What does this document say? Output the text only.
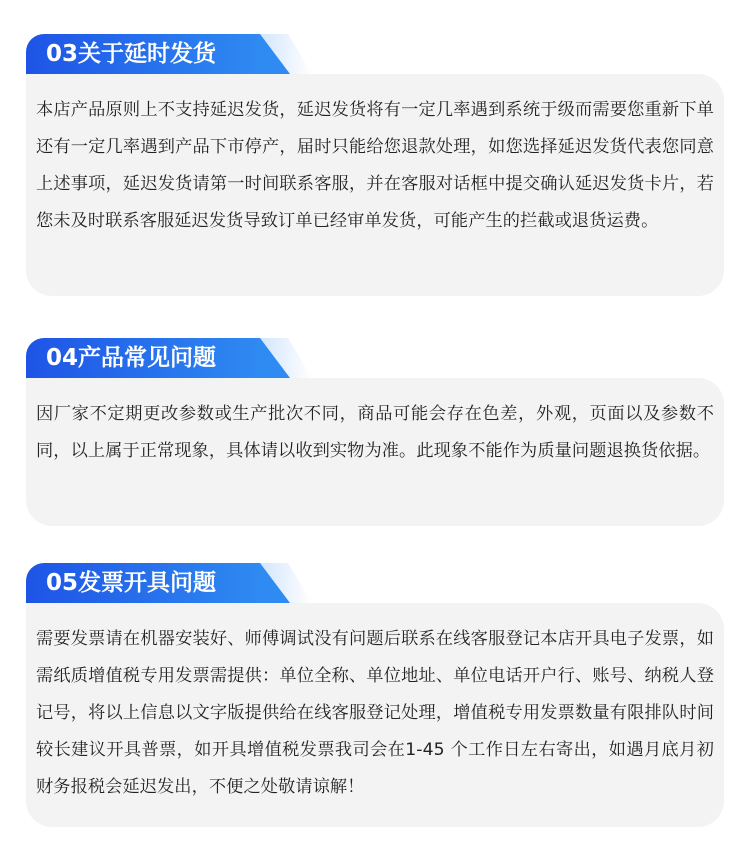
本店产品原则上不支持延迟发货，延迟发货将有一定几率遇到系统于级而需要您重新下单还有一定几率遇到产品下市停产，届时只能给您退款处理，如您选择延迟发货代表您同意上述事项，延迟发货请第一时间联系客服，并在客服对话框中提交确认延迟发货卡片，若您未及时联系客服延迟发货导致订单已经审单发货，可能产生的拦截或退货运费。

03关于延时发货

因厂家不定期更改参数或生产批次不同，商品可能会存在色差，外观，页面以及参数不同，以上属于正常现象，具体请以收到实物为准。此现象不能作为质量问题退换货依据。

04产品常见问题

需要发票请在机器安装好、师傅调试没有问题后联系在线客服登记本店开具电子发票，如需纸质增值税专用发票需提供：单位全称、单位地址、单位电话开户行、账号、纳税人登记号，将以上信息以文字版提供给在线客服登记处理，增值税专用发票数量有限排队时间较长建议开具普票，如开具增值税发票我司会在1-45 个工作日左右寄出，如遇月底月初财务报税会延迟发出，不便之处敬请谅解！

05发票开具问题
